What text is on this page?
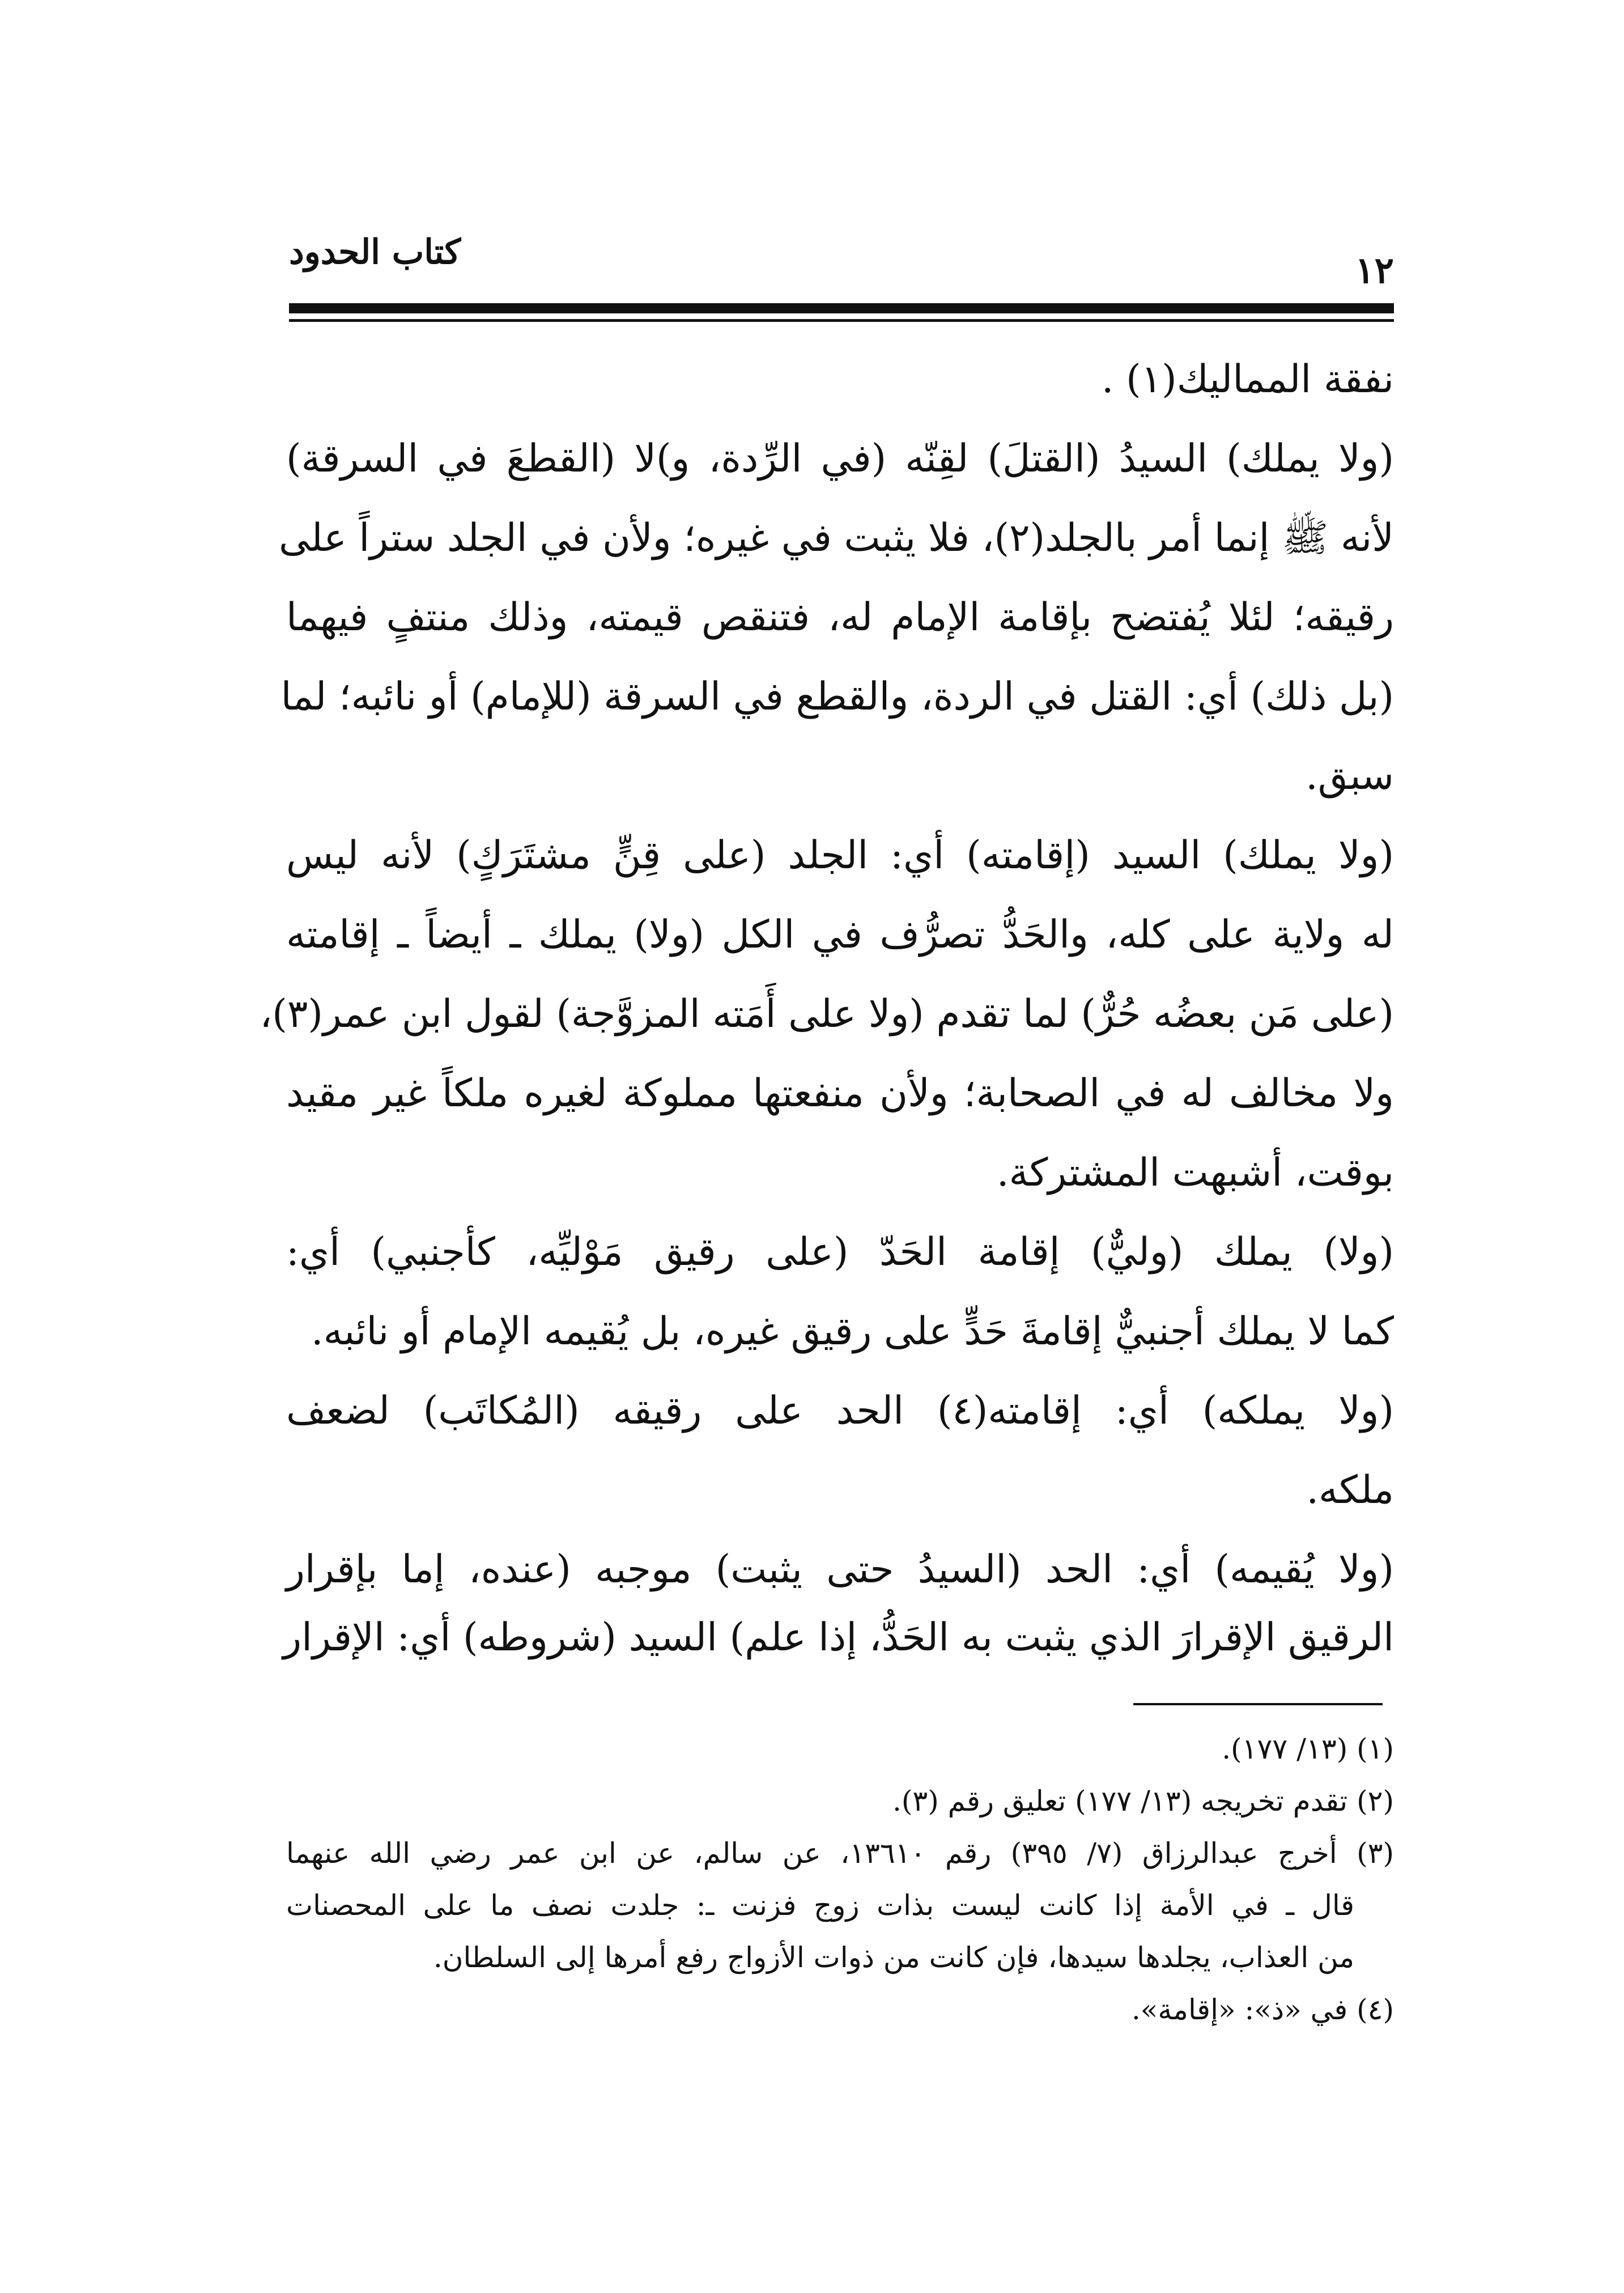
١٢
كتاب الحدود
نفقة المماليك(١) .
(ولا يملك) السيدُ (القتلَ) لقِنّه (في الرِّدة، و)لا (القطعَ في السرقة)
لأنه ﷺ إنما أمر بالجلد(٢)، فلا يثبت في غيره؛ ولأن في الجلد ستراً على
رقيقه؛ لئلا يُفتضح بإقامة الإمام له، فتنقص قيمته، وذلك منتفٍ فيهما
(بل ذلك) أي: القتل في الردة، والقطع في السرقة (للإمام) أو نائبه؛ لما
سبق.
(ولا يملك) السيد (إقامته) أي: الجلد (على قِنٍّ مشتَرَكٍ) لأنه ليس
له ولاية على كله، والحَدُّ تصرُّف في الكل (ولا) يملك ـ أيضاً ـ إقامته
(على مَن بعضُه حُرٌّ) لما تقدم (ولا على أَمَته المزوَّجة) لقول ابن عمر(٣)،
ولا مخالف له في الصحابة؛ ولأن منفعتها مملوكة لغيره ملكاً غير مقيد
بوقت، أشبهت المشتركة.
(ولا) يملك (وليٌّ) إقامة الحَدّ (على رقيق مَوْليِّه، كأجنبي) أي:
كما لا يملك أجنبيٌّ إقامةَ حَدٍّ على رقيق غيره، بل يُقيمه الإمام أو نائبه.
(ولا يملكه) أي: إقامته(٤) الحد على رقيقه (المُكاتَب) لضعف
ملكه.
(ولا يُقيمه) أي: الحد (السيدُ حتى يثبت) موجبه (عنده، إما بإقرار
الرقيق الإقرارَ الذي يثبت به الحَدُّ، إذا علم) السيد (شروطه) أي: الإقرار
(١) (١٣/ ١٧٧).
(٢) تقدم تخريجه (١٣/ ١٧٧) تعليق رقم (٣).
(٣) أخرج عبدالرزاق (٧/ ٣٩٥) رقم ١٣٦١٠، عن سالم، عن ابن عمر رضي الله عنهما
قال ـ في الأمة إذا كانت ليست بذات زوج فزنت ـ: جلدت نصف ما على المحصنات
من العذاب، يجلدها سيدها، فإن كانت من ذوات الأزواج رفع أمرها إلى السلطان.
(٤) في «ذ»: «إقامة».
